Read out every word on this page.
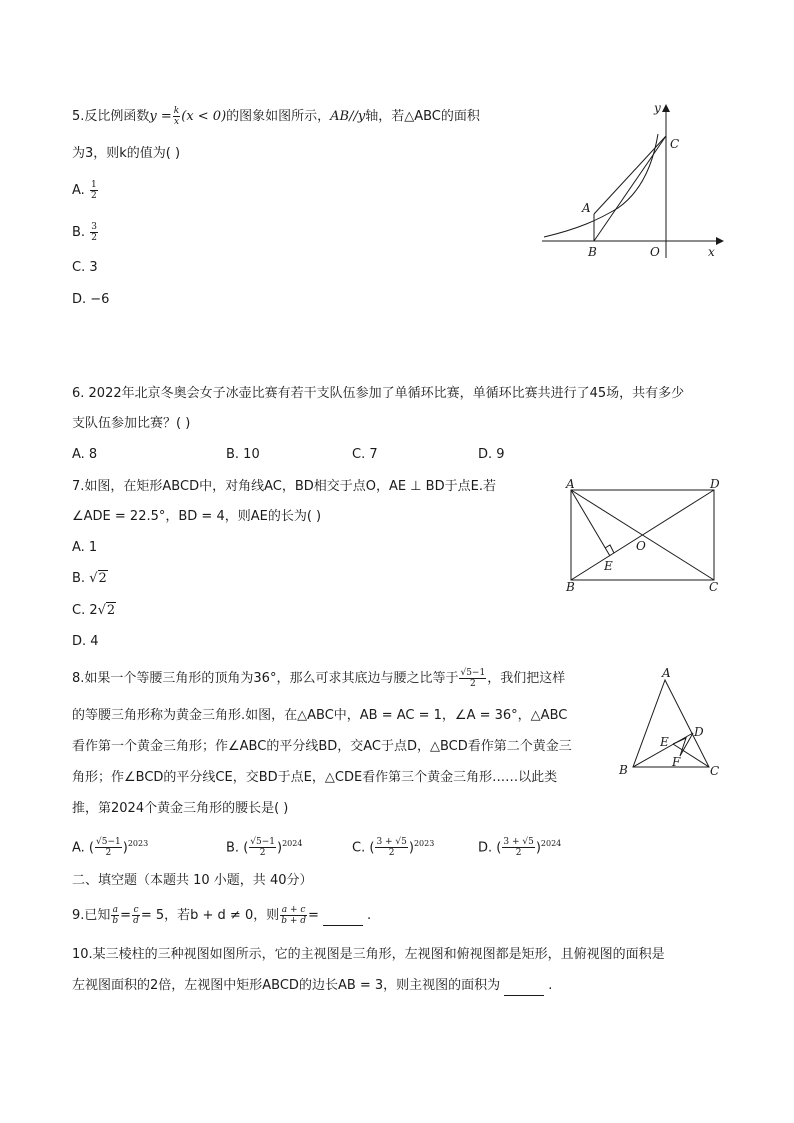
5.反比例函数$y = \frac{k}{x} (x < 0)$的图象如图所示，AB//y轴，若△ABC的面积
为3，则k的值为( )
A. $\frac{1}{2}$
B. $\frac{3}{2}$
C. 3
D. −6
y
C
A
B	O	x
6. 2022年北京冬奥会女子冰壶比赛有若干支队伍参加了单循环比赛，单循环比赛共进行了45场，共有多少
支队伍参加比赛？( )
A. 8	B. 10	C. 7	D. 9
7.如图，在矩形ABCD中，对角线AC，BD相交于点O，AE ⊥ BD于点E.若
∠ADE = 22.5°，BD = 4，则AE的长为( )
A. 1
B. √2
C. 2√2
D. 4
A	D
O
E
B	C
8.如果一个等腰三角形的顶角为36°，那么可求其底边与腰之比等于 $\frac{√5-1}{2}$ ，我们把这样
的等腰三角形称为黄金三角形.如图，在△ABC中，AB = AC = 1，∠A = 36°，△ABC
看作第一个黄金三角形；作∠ABC的平分线BD，交AC于点D，△BCD看作第二个黄金三
角形；作∠BCD的平分线CE，交BD于点E，△CDE看作第三个黄金三角形……以此类
推，第2024个黄金三角形的腰长是( )
A. ( $\frac{√5-1}{2} )^{2023}$	B. ( $\frac{√5-1}{2} )^{2024}$	C. ( $\frac{3 + √5}{2} )^{2023}$	D. ( $\frac{3 + √5}{2} )^{2024}$
A
D
E
F
B	C
二、填空题（本题共 10 小题，共 40分）
9.已知 $\frac{a}{b} = \frac{c}{d} = 5$，若b + d ≠ 0，则 $\frac{a + c}{b + d}$ =	.
10.某三棱柱的三种视图如图所示，它的主视图是三角形，左视图和俯视图都是矩形，且俯视图的面积是
左视图面积的2倍，左视图中矩形ABCD的边长AB = 3，则主视图的面积为	.
